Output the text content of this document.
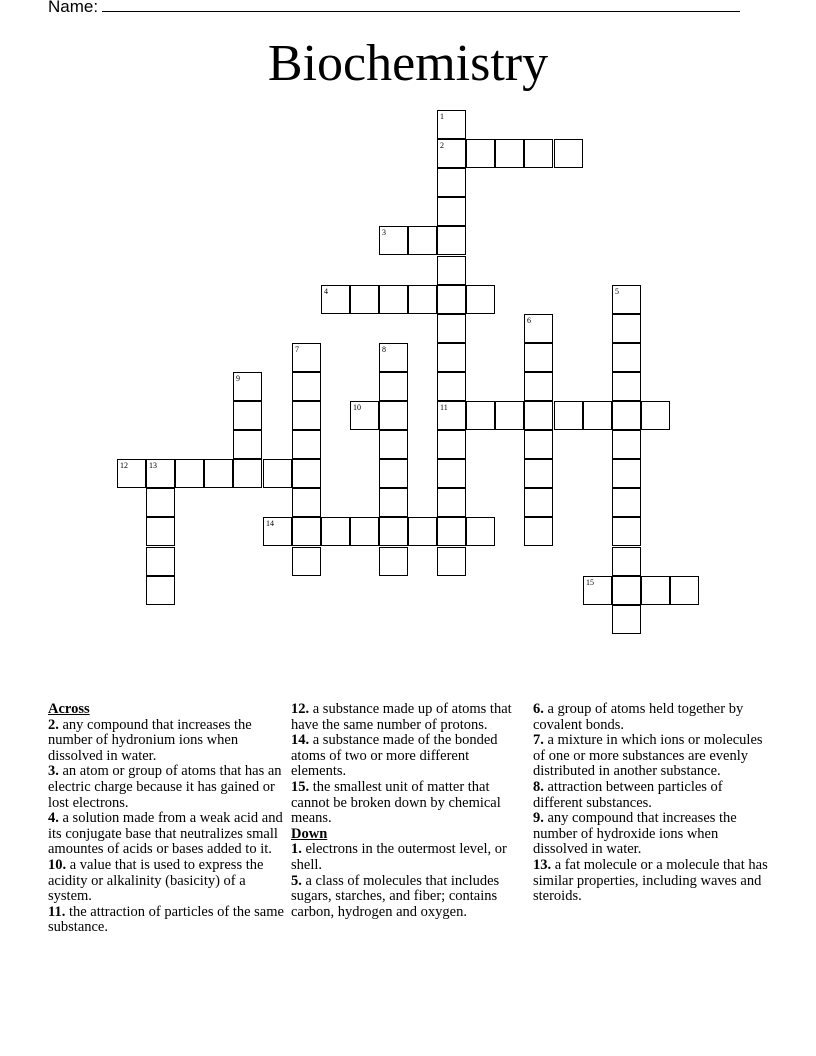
Name:
Biochemistry
2
3
4
10	11
12	13
14
15
1
5
6
7	8
9
Across
2. any compound that increases the number of hydronium ions when dissolved in water.
3. an atom or group of atoms that has an electric charge because it has gained or lost electrons.
4. a solution made from a weak acid and its conjugate base that neutralizes small amountes of acids or bases added to it.
10. a value that is used to express the acidity or alkalinity (basicity) of a system.
11. the attraction of particles of the same substance.
12. a substance made up of atoms that have the same number of protons.
14. a substance made of the bonded atoms of two or more different elements.
15. the smallest unit of matter that cannot be broken down by chemical means.
Down
1. electrons in the outermost level, or shell.
5. a class of molecules that includes sugars, starches, and fiber; contains carbon, hydrogen and oxygen.
6. a group of atoms held together by covalent bonds.
7. a mixture in which ions or molecules of one or more substances are evenly distributed in another substance.
8. attraction between particles of different substances.
9. any compound that increases the number of hydroxide ions when dissolved in water.
13. a fat molecule or a molecule that has similar properties, including waves and steroids.
